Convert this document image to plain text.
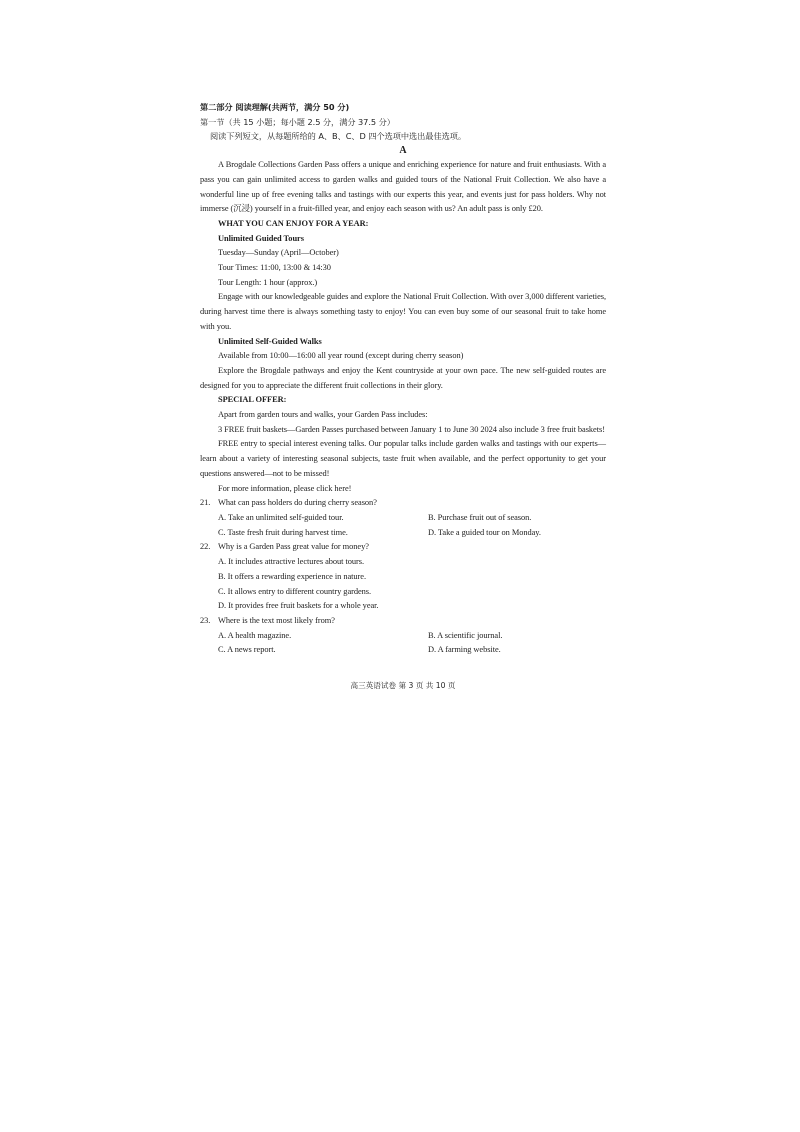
第二部分 阅读理解(共两节，满分 50 分)
第一节（共 15 小题；每小题 2.5 分，满分 37.5 分）
阅读下列短文，从每题所给的 A、B、C、D 四个选项中选出最佳选项。
A

A Brogdale Collections Garden Pass offers a unique and enriching experience for nature and fruit enthusiasts. With a pass you can gain unlimited access to garden walks and guided tours of the National Fruit Collection. We also have a wonderful line up of free evening talks and tastings with our experts this year, and events just for pass holders. Why not immerse (沉浸) yourself in a fruit-filled year, and enjoy each season with us? An adult pass is only £20.

WHAT YOU CAN ENJOY FOR A YEAR:
Unlimited Guided Tours
Tuesday—Sunday (April—October)
Tour Times: 11:00, 13:00 & 14:30
Tour Length: 1 hour (approx.)

Engage with our knowledgeable guides and explore the National Fruit Collection. With over 3,000 different varieties, during harvest time there is always something tasty to enjoy! You can even buy some of our seasonal fruit to take home with you.

Unlimited Self-Guided Walks
Available from 10:00—16:00 all year round (except during cherry season)

Explore the Brogdale pathways and enjoy the Kent countryside at your own pace. The new self-guided routes are designed for you to appreciate the different fruit collections in their glory.

SPECIAL OFFER:
Apart from garden tours and walks, your Garden Pass includes:

3 FREE fruit baskets—Garden Passes purchased between January 1 to June 30 2024 also include 3 free fruit baskets!

FREE entry to special interest evening talks. Our popular talks include garden walks and tastings with our experts—learn about a variety of interesting seasonal subjects, taste fruit when available, and the perfect opportunity to get your questions answered—not to be missed!

For more information, please click here!
21. What can pass holders do during cherry season?
A. Take an unlimited self-guided tour.	B. Purchase fruit out of season.
C. Taste fresh fruit during harvest time.	D. Take a guided tour on Monday.
22. Why is a Garden Pass great value for money?
A. It includes attractive lectures about tours.
B. It offers a rewarding experience in nature.
C. It allows entry to different country gardens.
D. It provides free fruit baskets for a whole year.
23. Where is the text most likely from?
A. A health magazine.	B. A scientific journal.
C. A news report.	D. A farming website.
高三英语试卷 第 3 页 共 10 页
